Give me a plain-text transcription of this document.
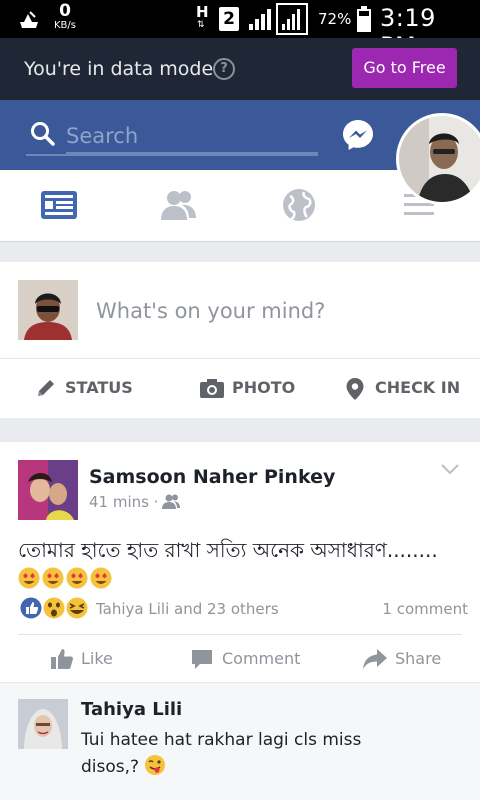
0
KB/s
H
⇅ 2	72% 3:19
You're in data mode ?	Go to Free
Search
What's on your mind?
STATUS	PHOTO	CHECK IN
Samsoon Naher Pinkey
41 mins ·
তোমার হাতে হাত রাখা সত্যি অনেক অসাধারণ........
Tahiya Lili and 23 others	1 comment
Like	Comment	Share
Tahiya Lili
Tui hatee hat rakhar lagi cls miss disos,?
